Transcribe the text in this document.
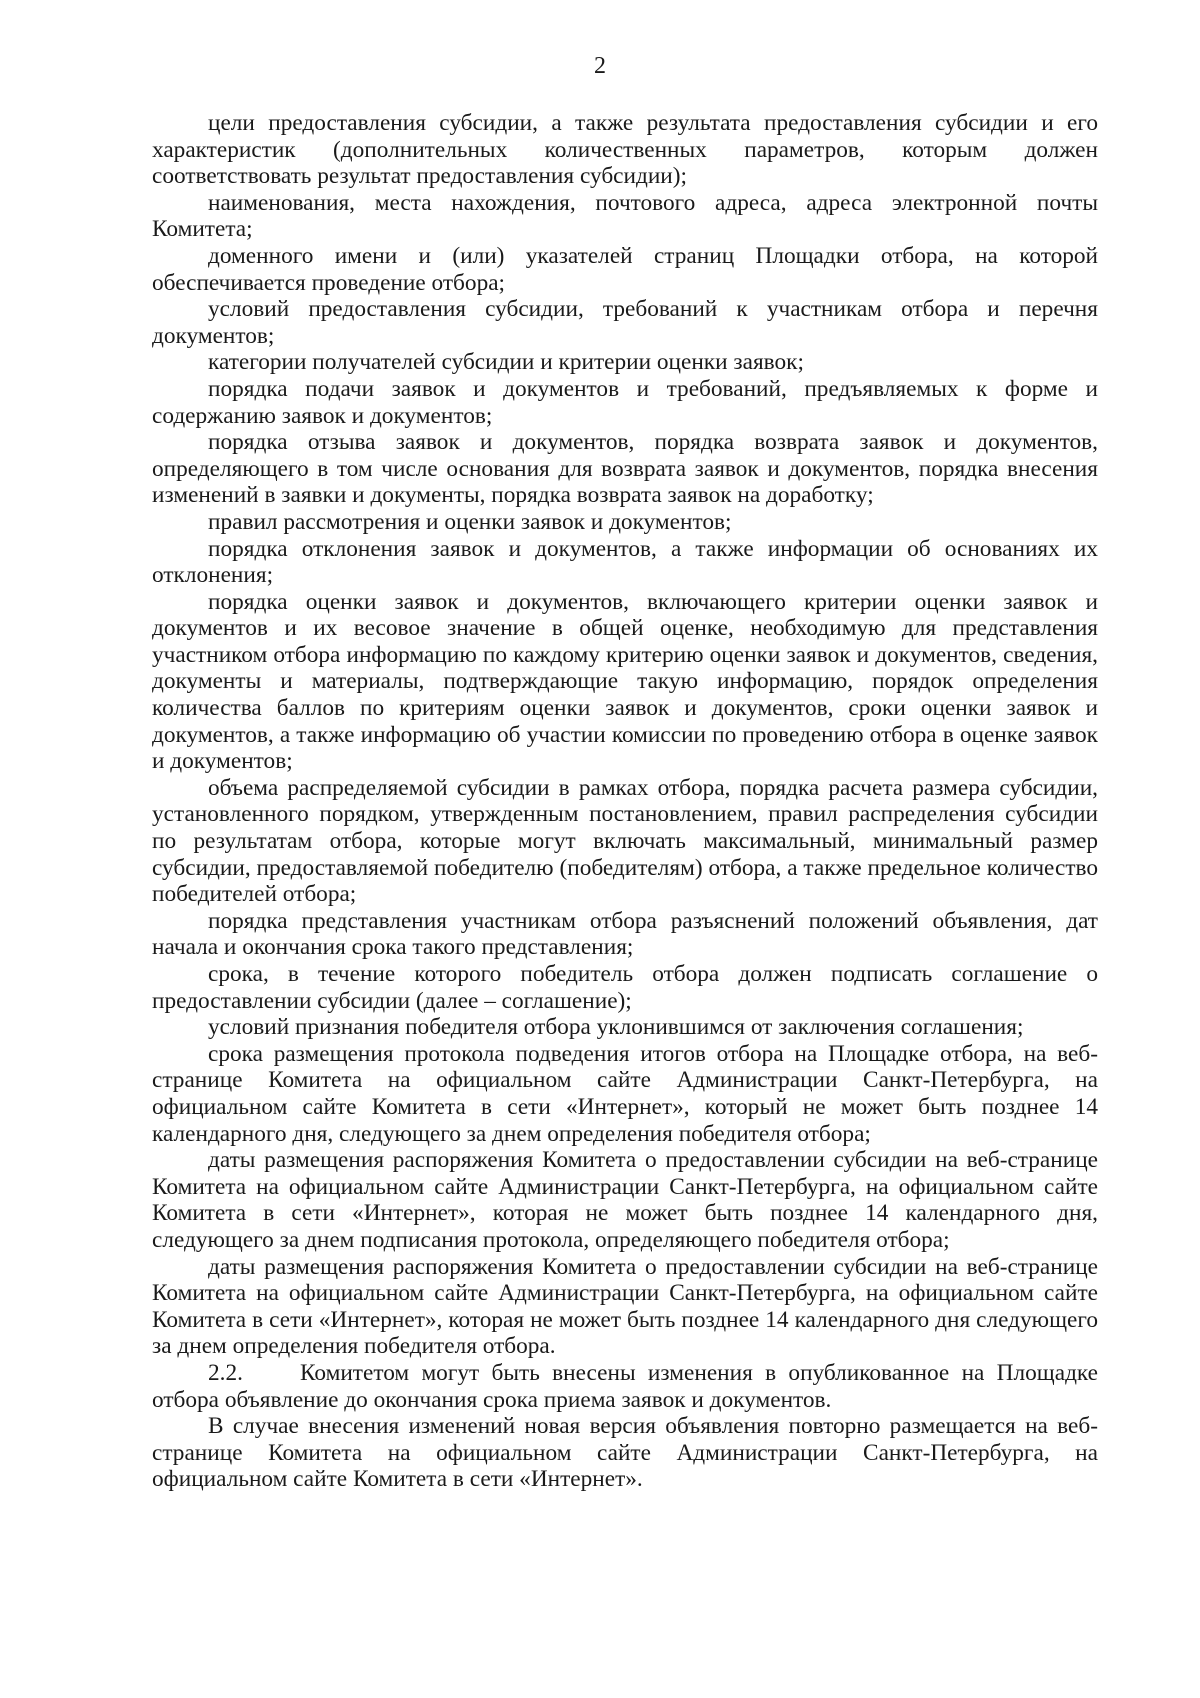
2

цели предоставления субсидии, а также результата предоставления субсидии и его характеристик (дополнительных количественных параметров, которым должен соответствовать результат предоставления субсидии);

наименования, места нахождения, почтового адреса, адреса электронной почты Комитета;

доменного имени и (или) указателей страниц Площадки отбора, на которой обеспечивается проведение отбора;

условий предоставления субсидии, требований к участникам отбора и перечня документов;

категории получателей субсидии и критерии оценки заявок;

порядка подачи заявок и документов и требований, предъявляемых к форме и содержанию заявок и документов;

порядка отзыва заявок и документов, порядка возврата заявок и документов, определяющего в том числе основания для возврата заявок и документов, порядка внесения изменений в заявки и документы, порядка возврата заявок на доработку;

правил рассмотрения и оценки заявок и документов;

порядка отклонения заявок и документов, а также информации об основаниях их отклонения;

порядка оценки заявок и документов, включающего критерии оценки заявок и документов и их весовое значение в общей оценке, необходимую для представления участником отбора информацию по каждому критерию оценки заявок и документов, сведения, документы и материалы, подтверждающие такую информацию, порядок определения количества баллов по критериям оценки заявок и документов, сроки оценки заявок и документов, а также информацию об участии комиссии по проведению отбора в оценке заявок и документов;

объема распределяемой субсидии в рамках отбора, порядка расчета размера субсидии, установленного порядком, утвержденным постановлением, правил распределения субсидии по результатам отбора, которые могут включать максимальный, минимальный размер субсидии, предоставляемой победителю (победителям) отбора, а также предельное количество победителей отбора;

порядка представления участникам отбора разъяснений положений объявления, дат начала и окончания срока такого представления;

срока, в течение которого победитель отбора должен подписать соглашение о предоставлении субсидии (далее – соглашение);

условий признания победителя отбора уклонившимся от заключения соглашения;

срока размещения протокола подведения итогов отбора на Площадке отбора, на веб-странице Комитета на официальном сайте Администрации Санкт-Петербурга, на официальном сайте Комитета в сети «Интернет», который не может быть позднее 14 календарного дня, следующего за днем определения победителя отбора;

даты размещения распоряжения Комитета о предоставлении субсидии на веб-странице Комитета на официальном сайте Администрации Санкт-Петербурга, на официальном сайте Комитета в сети «Интернет», которая не может быть позднее 14 календарного дня, следующего за днем подписания протокола, определяющего победителя отбора;

даты размещения распоряжения Комитета о предоставлении субсидии на веб-странице Комитета на официальном сайте Администрации Санкт-Петербурга, на официальном сайте Комитета в сети «Интернет», которая не может быть позднее 14 календарного дня следующего за днем определения победителя отбора.

2.2. Комитетом могут быть внесены изменения в опубликованное на Площадке отбора объявление до окончания срока приема заявок и документов.

В случае внесения изменений новая версия объявления повторно размещается на веб-странице Комитета на официальном сайте Администрации Санкт-Петербурга, на официальном сайте Комитета в сети «Интернет».
